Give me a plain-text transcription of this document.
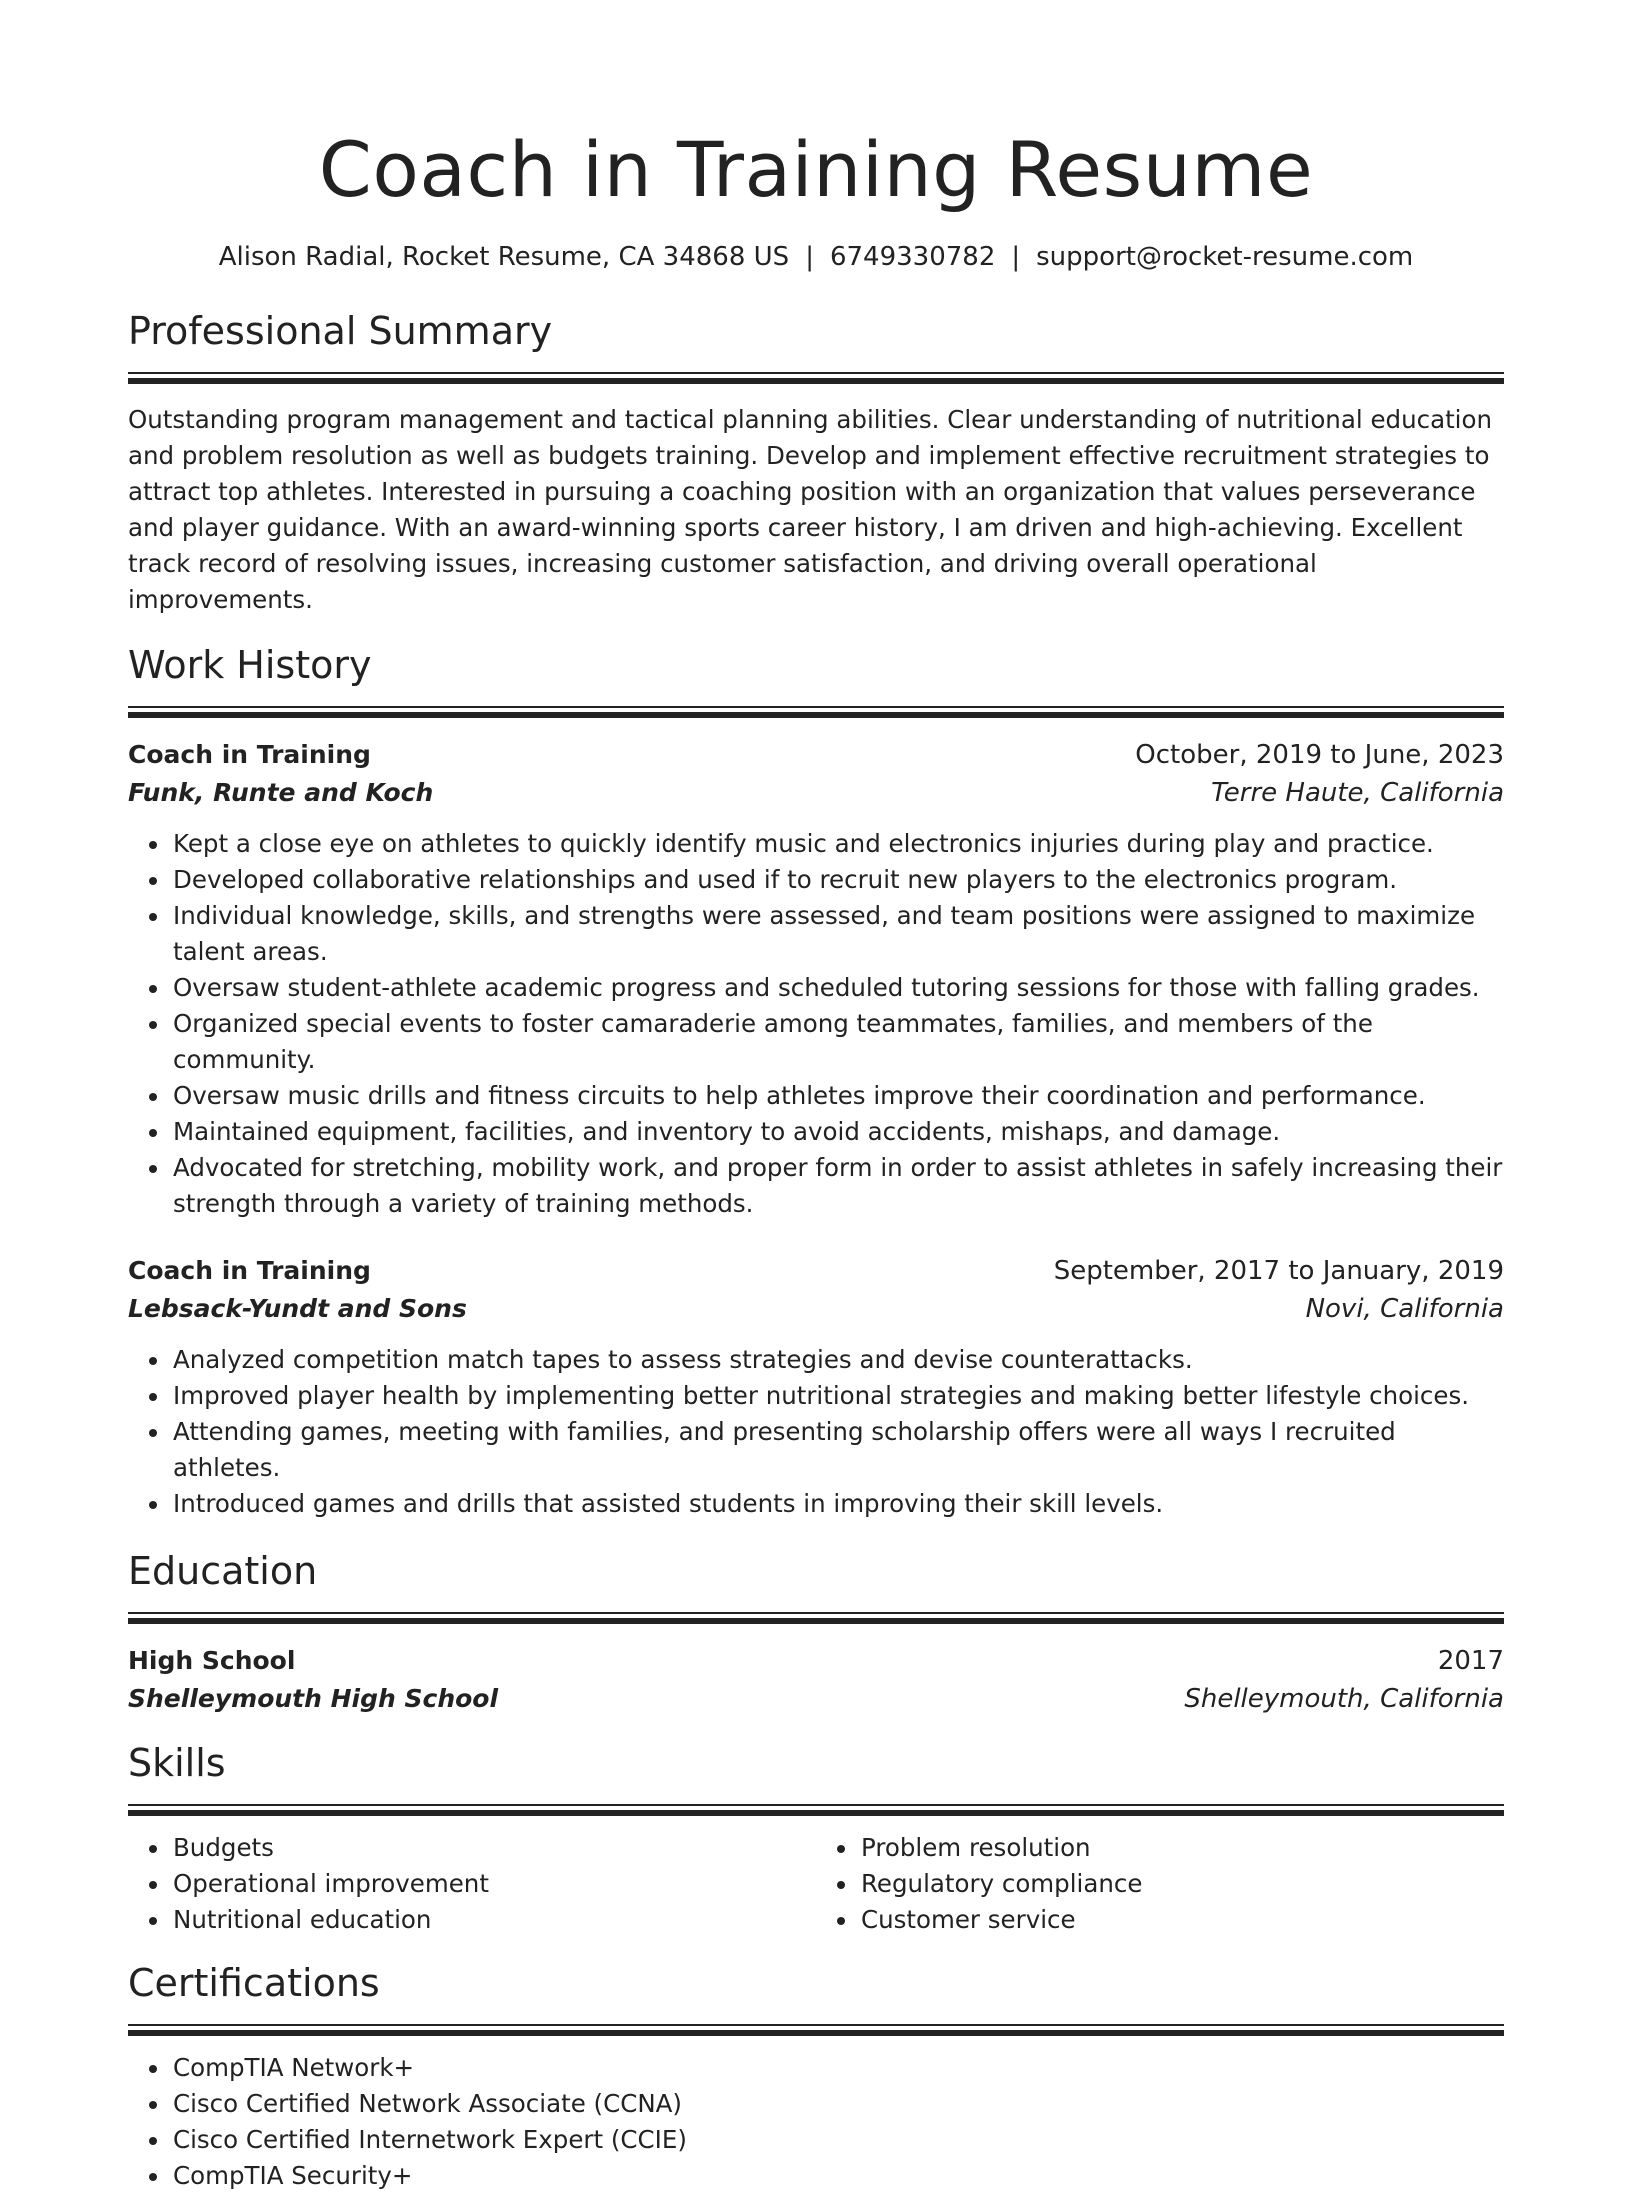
Coach in Training Resume
Alison Radial, Rocket Resume, CA 34868 US | 6749330782 | support@rocket-resume.com
Professional Summary

Outstanding program management and tactical planning abilities. Clear understanding of nutritional education and problem resolution as well as budgets training. Develop and implement effective recruitment strategies to attract top athletes. Interested in pursuing a coaching position with an organization that values perseverance and player guidance. With an award-winning sports career history, I am driven and high-achieving. Excellent track record of resolving issues, increasing customer satisfaction, and driving overall operational improvements.

Work History
Coach in Training	October, 2019 to June, 2023
Funk, Runte and Koch	Terre Haute, California
• Kept a close eye on athletes to quickly identify music and electronics injuries during play and practice.
• Developed collaborative relationships and used if to recruit new players to the electronics program.
• Individual knowledge, skills, and strengths were assessed, and team positions were assigned to maximize talent areas.
• Oversaw student-athlete academic progress and scheduled tutoring sessions for those with falling grades.
• Organized special events to foster camaraderie among teammates, families, and members of the community.
• Oversaw music drills and fitness circuits to help athletes improve their coordination and performance.
• Maintained equipment, facilities, and inventory to avoid accidents, mishaps, and damage.
• Advocated for stretching, mobility work, and proper form in order to assist athletes in safely increasing their strength through a variety of training methods.
Coach in Training	September, 2017 to January, 2019
Lebsack-Yundt and Sons	Novi, California
• Analyzed competition match tapes to assess strategies and devise counterattacks.
• Improved player health by implementing better nutritional strategies and making better lifestyle choices.
• Attending games, meeting with families, and presenting scholarship offers were all ways I recruited athletes.
• Introduced games and drills that assisted students in improving their skill levels.
Education
High School	2017
Shelleymouth High School	Shelleymouth, California
Skills
• Budgets
• Operational improvement
• Nutritional education
• Problem resolution
• Regulatory compliance
• Customer service
Certifications
• CompTIA Network+
• Cisco Certified Network Associate (CCNA)
• Cisco Certified Internetwork Expert (CCIE)
• CompTIA Security+
